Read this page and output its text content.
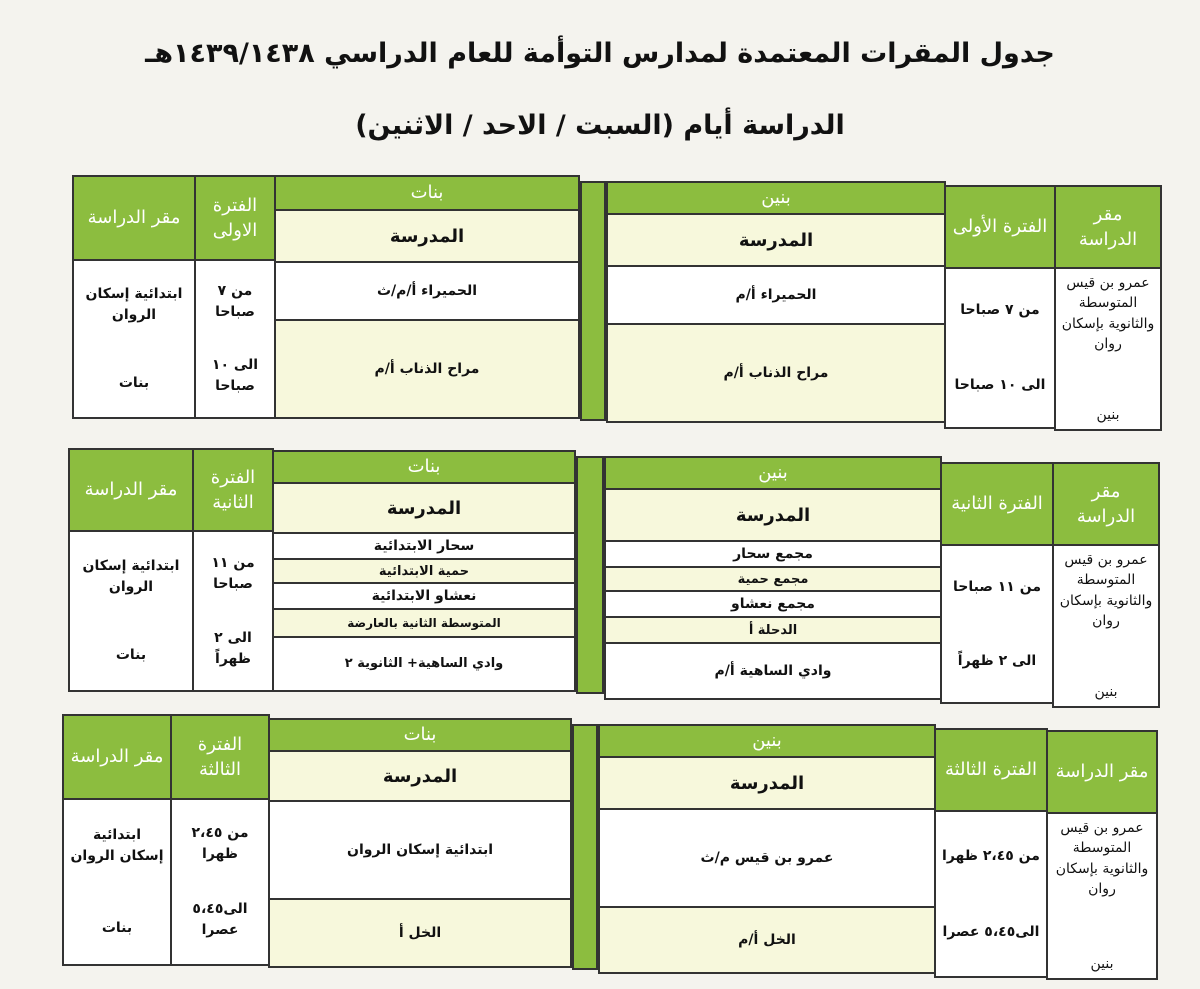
جدول المقرات المعتمدة لمدارس التوأمة للعام الدراسي ١٤٣٩/١٤٣٨هـ
الدراسة أيام (السبت / الاحد / الاثنين)
مقر الدراسة
الفترة الاولى
بنات
المدرسة
ابتدائية إسكان الروان
بنات
من ٧ صباحا
الى ١٠ صباحا
الحميراء أ/م/ث
مراح الذناب أ/م
بنين
المدرسة
الفترة الأولى
مقر الدراسة
الحميراء أ/م
مراح الذناب أ/م
من ٧ صباحا
الى ١٠ صباحا
عمرو بن قيس المتوسطة والثانوية بإسكان روان
بنين
مقر الدراسة
الفترة الثانية
بنات
المدرسة
ابتدائية إسكان الروان
بنات
من ١١ صباحا
الى ٢ ظهراً
سحار الابتدائية
حمية الابتدائية
نعشاو الابتدائية
المتوسطة الثانية بالعارضة
وادي الساهية+ الثانوية ٢
بنين
المدرسة
الفترة الثانية
مقر الدراسة
مجمع سحار
مجمع حمية
مجمع نعشاو
الدحلة أ
وادي الساهية أ/م
من ١١ صباحا
الى ٢ ظهراً
عمرو بن قيس المتوسطة والثانوية بإسكان روان
بنين
مقر الدراسة
الفترة الثالثة
بنات
المدرسة
ابتدائية إسكان الروان
بنات
من ٢،٤٥ ظهرا
الى٥،٤٥ عصرا
ابتدائية إسكان الروان
الخل أ
بنين
المدرسة
الفترة الثالثة	مقر الدراسة
عمرو بن قيس م/ث
الخل أ/م
من ٢،٤٥ ظهرا
الى٥،٤٥ عصرا
عمرو بن قيس المتوسطة والثانوية بإسكان روان
بنين
